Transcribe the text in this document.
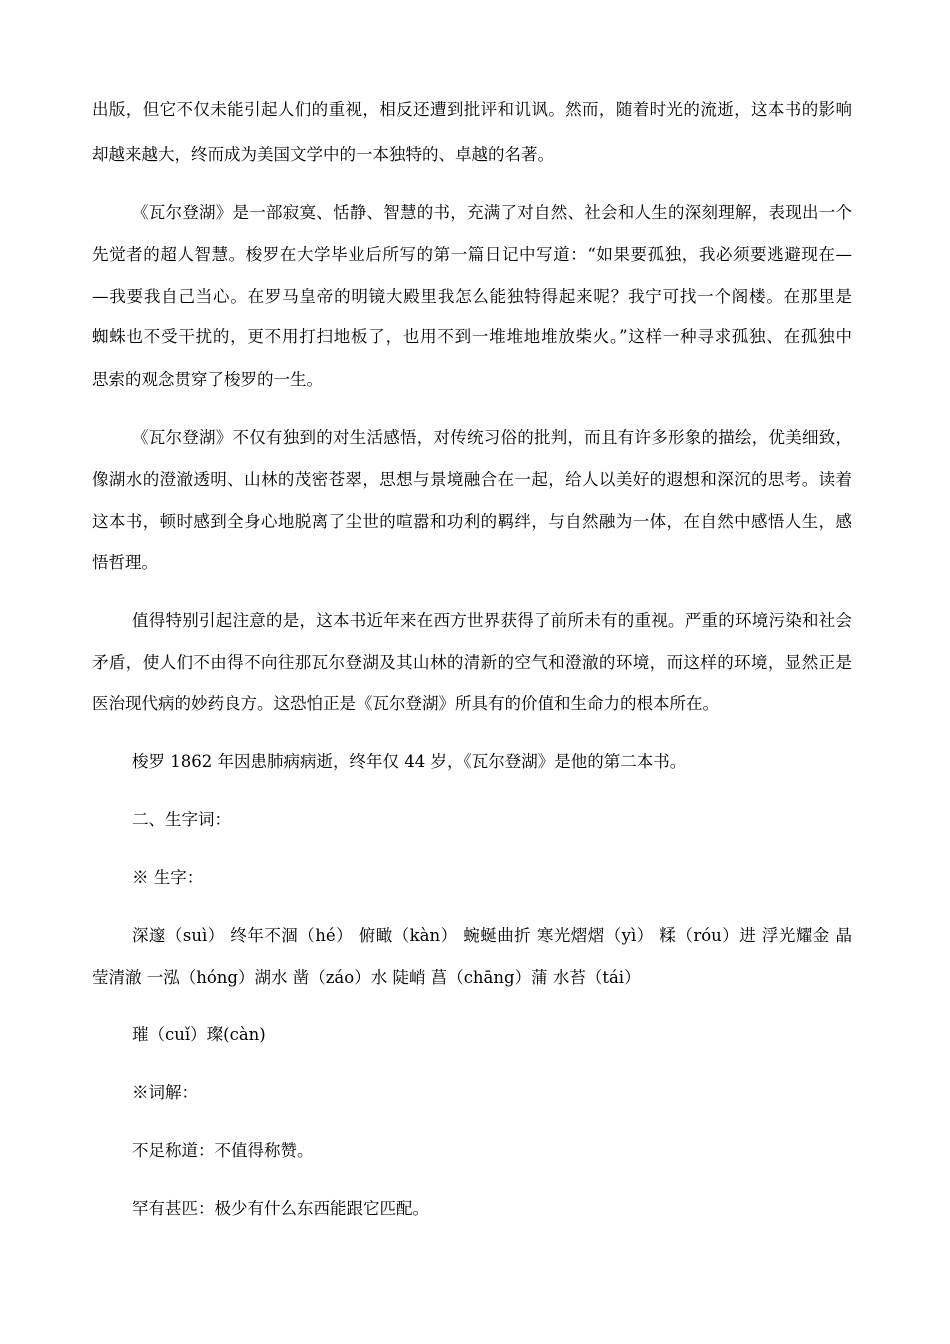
出版，但它不仅未能引起人们的重视，相反还遭到批评和讥讽。然而，随着时光的流逝，这本书的影响
却越来越大，终而成为美国文学中的一本独特的、卓越的名著。
《瓦尔登湖》是一部寂寞、恬静、智慧的书，充满了对自然、社会和人生的深刻理解，表现出一个
先觉者的超人智慧。梭罗在大学毕业后所写的第一篇日记中写道：“如果要孤独，我必须要逃避现在—
—我要我自己当心。在罗马皇帝的明镜大殿里我怎么能独特得起来呢？我宁可找一个阁楼。在那里是
蜘蛛也不受干扰的，更不用打扫地板了，也用不到一堆堆地堆放柴火。”这样一种寻求孤独、在孤独中
思索的观念贯穿了梭罗的一生。
《瓦尔登湖》不仅有独到的对生活感悟，对传统习俗的批判，而且有许多形象的描绘，优美细致，
像湖水的澄澈透明、山林的茂密苍翠，思想与景境融合在一起，给人以美好的遐想和深沉的思考。读着
这本书，顿时感到全身心地脱离了尘世的喧嚣和功利的羁绊，与自然融为一体，在自然中感悟人生，感
悟哲理。
值得特别引起注意的是，这本书近年来在西方世界获得了前所未有的重视。严重的环境污染和社会
矛盾，使人们不由得不向往那瓦尔登湖及其山林的清新的空气和澄澈的环境，而这样的环境，显然正是
医治现代病的妙药良方。这恐怕正是《瓦尔登湖》所具有的价值和生命力的根本所在。
梭罗 1862 年因患肺病病逝，终年仅 44 岁，《瓦尔登湖》是他的第二本书。
二、生字词：
※ 生字：
深邃（suì） 终年不涸（hé） 俯瞰（kàn） 蜿蜒曲折 寒光熠熠（yì） 糅（róu）进 浮光耀金 晶
莹清澈 一泓（hóng）湖水 凿（záo）水 陡峭 菖（chāng）蒲 水苔（tái）
璀（cuǐ）璨(càn)
※词解：
不足称道：不值得称赞。
罕有甚匹：极少有什么东西能跟它匹配。
